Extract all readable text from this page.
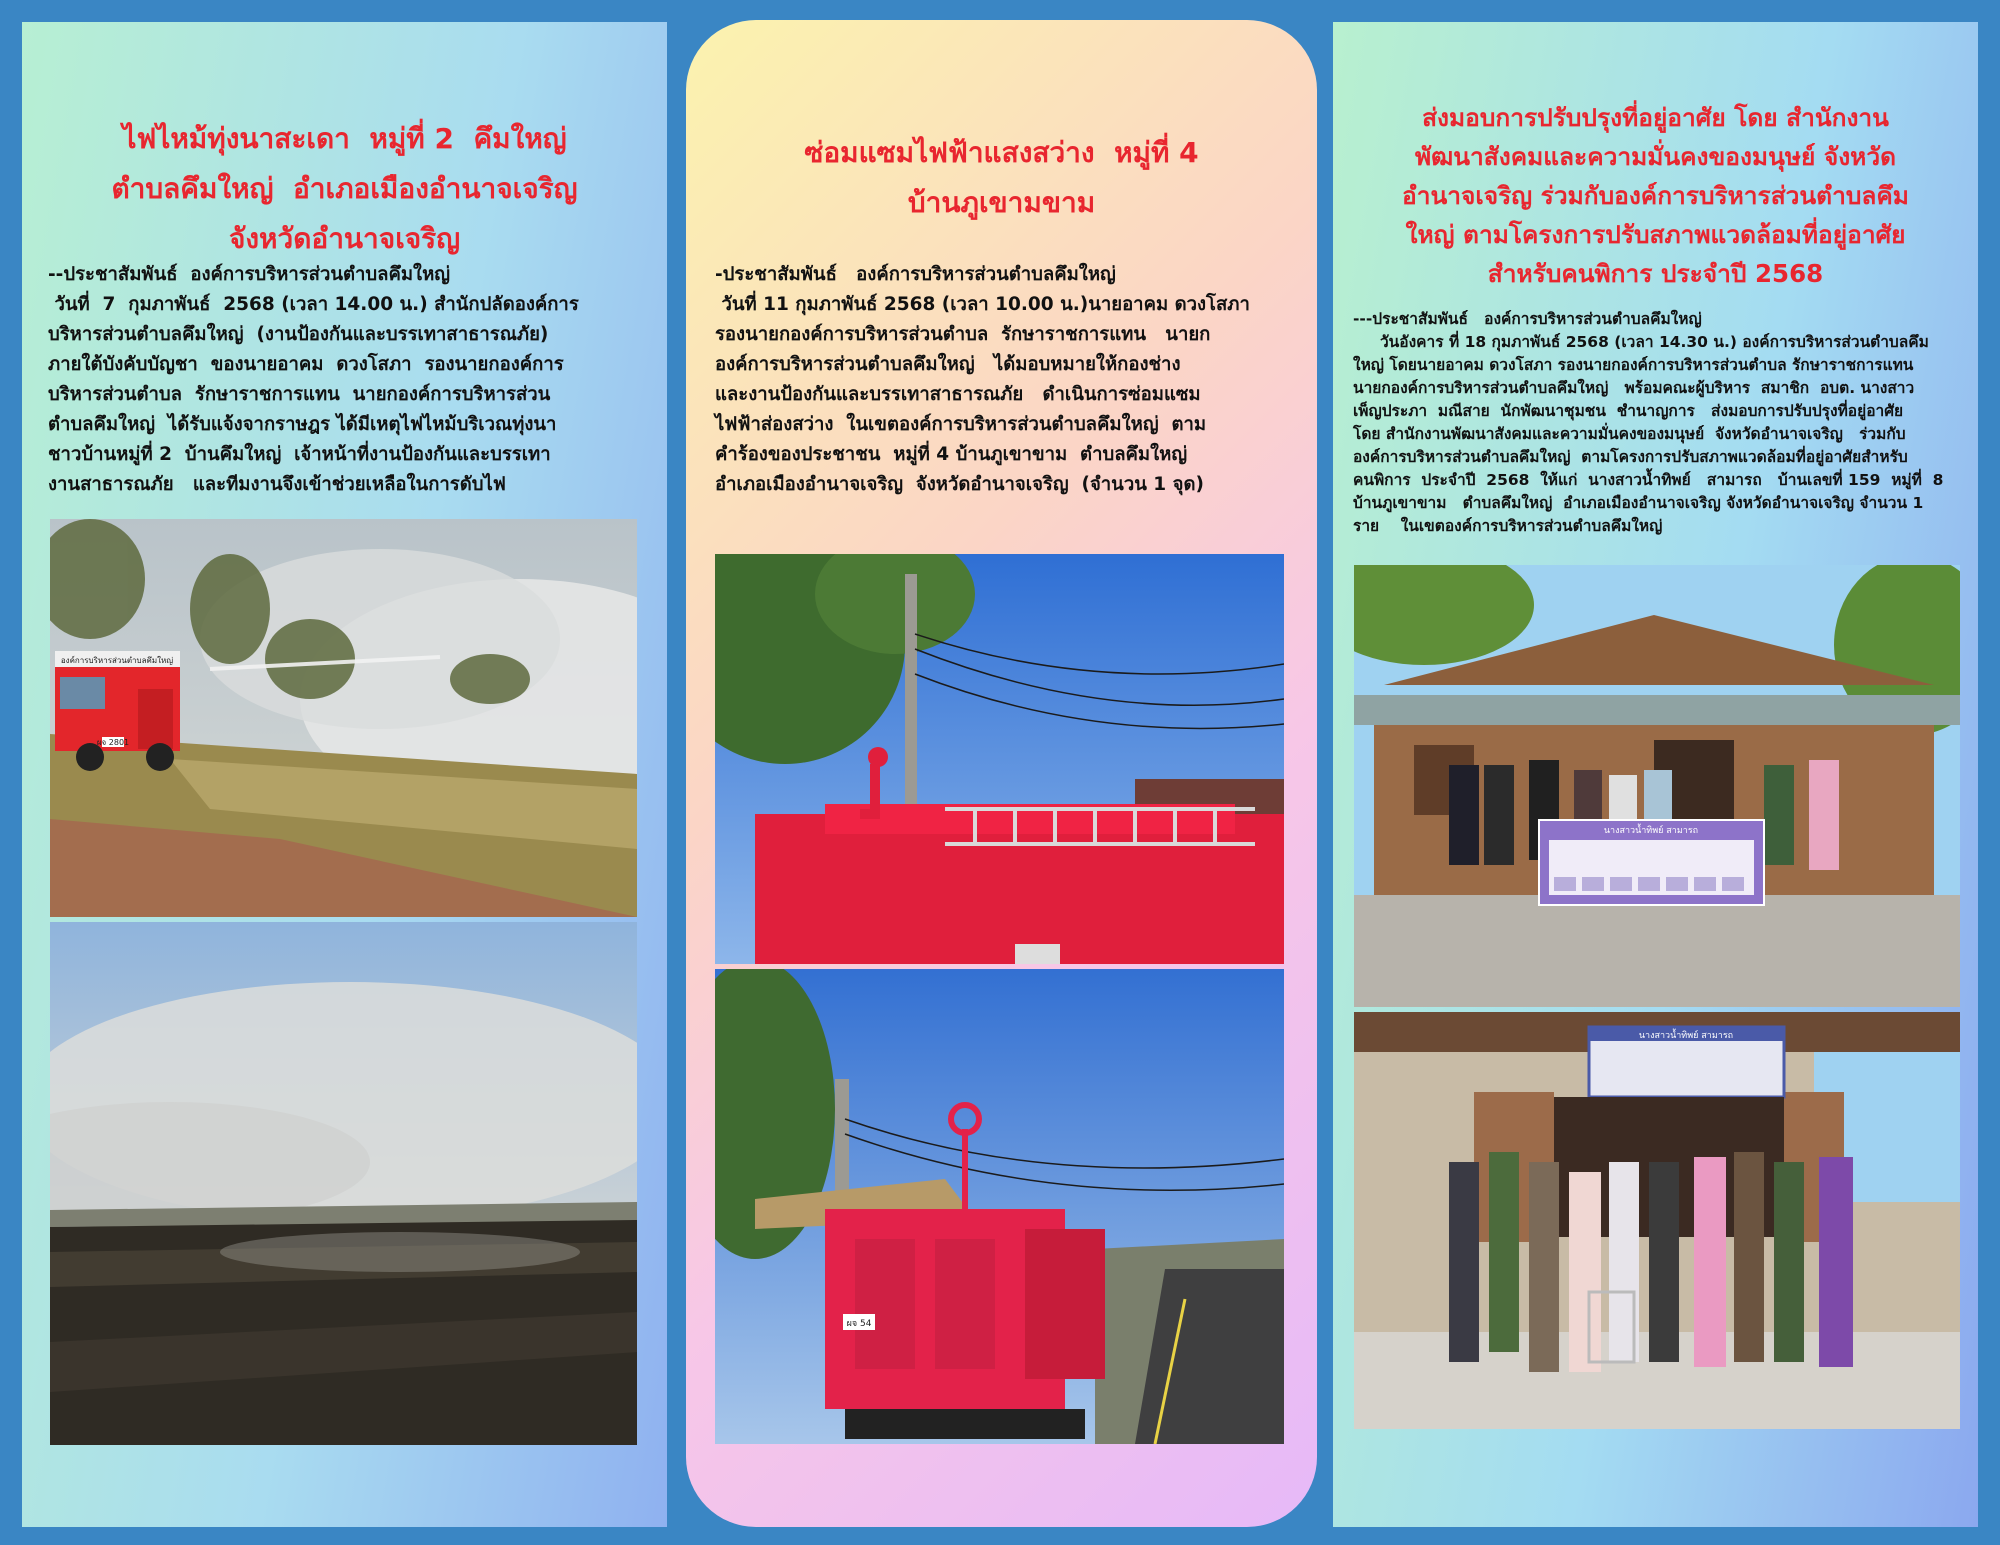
ไฟไหม้ทุ่งนาสะเดา  หมู่ที่ 2  คึมใหญ่
ตำบลคึมใหญ่  อำเภอเมืองอำนาจเจริญ
จังหวัดอำนาจเจริญ
--ประชาสัมพันธ์  องค์การบริหารส่วนตำบลคึมใหญ่
วันที่  7  กุมภาพันธ์  2568 (เวลา 14.00 น.) สำนักปลัดองค์การ
บริหารส่วนตำบลคึมใหญ่  (งานป้องกันและบรรเทาสาธารณภัย)
ภายใต้บังคับบัญชา  ของนายอาคม  ดวงโสภา  รองนายกองค์การ
บริหารส่วนตำบล  รักษาราชการแทน  นายกองค์การบริหารส่วน
ตำบลคึมใหญ่  ได้รับแจ้งจากราษฎร ได้มีเหตุไฟไหม้บริเวณทุ่งนา
ชาวบ้านหมู่ที่ 2  บ้านคึมใหญ่  เจ้าหน้าที่งานป้องกันและบรรเทา
งานสาธารณภัย   และทีมงานจึงเข้าช่วยเหลือในการดับไฟ
องค์การบริหารส่วนตำบลคึมใหญ่
ผจ 2801
ซ่อมแซมไฟฟ้าแสงสว่าง  หมู่ที่ 4
บ้านภูเขามขาม
-ประชาสัมพันธ์   องค์การบริหารส่วนตำบลคึมใหญ่
วันที่ 11 กุมภาพันธ์ 2568 (เวลา 10.00 น.)นายอาคม ดวงโสภา
รองนายกองค์การบริหารส่วนตำบล  รักษาราชการแทน   นายก
องค์การบริหารส่วนตำบลคึมใหญ่   ได้มอบหมายให้กองช่าง
และงานป้องกันและบรรเทาสาธารณภัย   ดำเนินการซ่อมแซม
ไฟฟ้าส่องสว่าง  ในเขตองค์การบริหารส่วนตำบลคึมใหญ่  ตาม
คำร้องของประชาชน  หมู่ที่ 4 บ้านภูเขาขาม  ตำบลคึมใหญ่
อำเภอเมืองอำนาจเจริญ  จังหวัดอำนาจเจริญ  (จำนวน 1 จุด)
ผจ 54
ส่งมอบการปรับปรุงที่อยู่อาศัย โดย สำนักงาน
พัฒนาสังคมและความมั่นคงของมนุษย์ จังหวัด
อำนาจเจริญ ร่วมกับองค์การบริหารส่วนตำบลคึม
ใหญ่ ตามโครงการปรับสภาพแวดล้อมที่อยู่อาศัย
สำหรับคนพิการ ประจำปี 2568
---ประชาสัมพันธ์   องค์การบริหารส่วนตำบลคึมใหญ่
วันอังคาร ที่ 18 กุมภาพันธ์ 2568 (เวลา 14.30 น.) องค์การบริหารส่วนตำบลคึม
ใหญ่ โดยนายอาคม ดวงโสภา รองนายกองค์การบริหารส่วนตำบล รักษาราชการแทน
นายกองค์การบริหารส่วนตำบลคึมใหญ่   พร้อมคณะผู้บริหาร  สมาชิก  อบต. นางสาว
เพ็ญประภา  มณีสาย  นักพัฒนาชุมชน  ชำนาญการ   ส่งมอบการปรับปรุงที่อยู่อาศัย
โดย สำนักงานพัฒนาสังคมและความมั่นคงของมนุษย์  จังหวัดอำนาจเจริญ   ร่วมกับ
องค์การบริหารส่วนตำบลคึมใหญ่  ตามโครงการปรับสภาพแวดล้อมที่อยู่อาศัยสำหรับ
คนพิการ  ประจำปี  2568  ให้แก่  นางสาวน้ำทิพย์   สามารถ   บ้านเลขที่ 159  หมู่ที่  8
บ้านภูเขาขาม   ตำบลคึมใหญ่  อำเภอเมืองอำนาจเจริญ จังหวัดอำนาจเจริญ จำนวน 1
ราย    ในเขตองค์การบริหารส่วนตำบลคึมใหญ่
นางสาวน้ำทิพย์ สามารถ
นางสาวน้ำทิพย์ สามารถ
